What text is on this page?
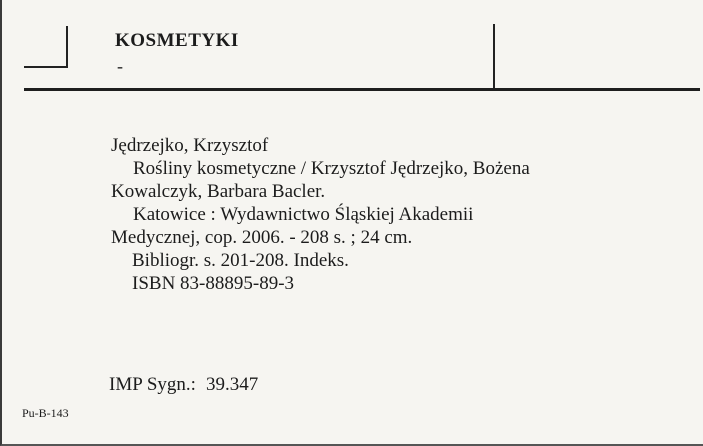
KOSMETYKI
-
Jędrzejko, Krzysztof
Rośliny kosmetyczne / Krzysztof Jędrzejko, Bożena
Kowalczyk, Barbara Bacler.
Katowice : Wydawnictwo Śląskiej Akademii
Medycznej, cop. 2006. - 208 s. ; 24 cm.
Bibliogr. s. 201-208. Indeks.
ISBN 83-88895-89-3
IMP Sygn.: 39.347
Pu-B-143
